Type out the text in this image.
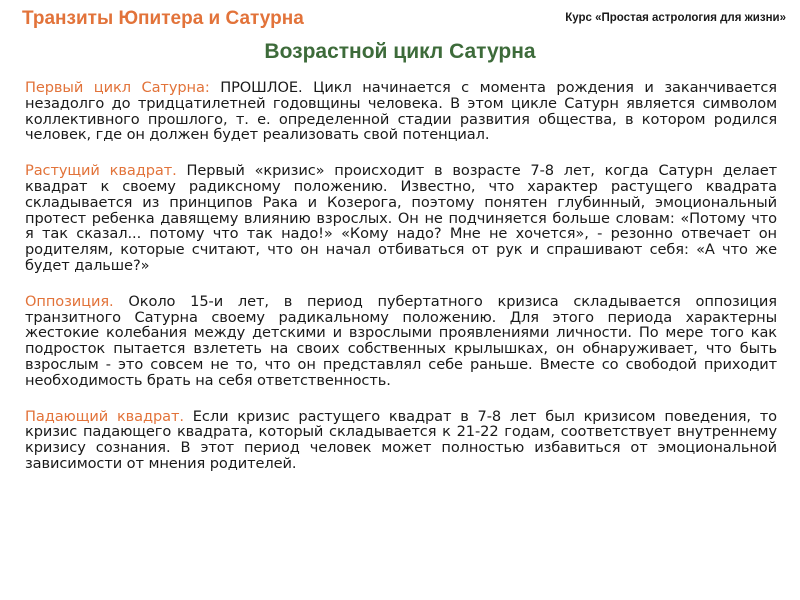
Транзиты Юпитера и Сатурна	Курс «Простая астрология для жизни»
Возрастной цикл Сатурна

Первый цикл Сатурна: ПРОШЛОЕ. Цикл начинается с момента рождения и заканчивается незадолго до тридцатилетней годовщины человека. В этом цикле Сатурн является символом коллективного прошлого, т. е. определенной стадии развития общества, в котором родился человек, где он должен будет реализовать свой потенциал.

Растущий квадрат. Первый «кризис» происходит в возрасте 7-8 лет, когда Сатурн делает квадрат к своему радиксному положению. Известно, что характер растущего квадрата складывается из принципов Рака и Козерога, поэтому понятен глубинный, эмоциональный протест ребенка давящему влиянию взрослых. Он не подчиняется больше словам: «Потому что я так сказал... потому что так надо!» «Кому надо? Мне не хочется», - резонно отвечает он родителям, которые считают, что он начал отбиваться от рук и спрашивают себя: «А что же будет дальше?»

Оппозиция. Около 15-и лет, в период пубертатного кризиса складывается оппозиция транзитного Сатурна своему радикальному положению. Для этого периода характерны жестокие колебания между детскими и взрослыми проявлениями личности. По мере того как подросток пытается взлететь на своих собственных крылышках, он обнаруживает, что быть взрослым - это совсем не то, что он представлял себе раньше. Вместе со свободой приходит необходимость брать на себя ответственность.

Падающий квадрат. Если кризис растущего квадрат в 7-8 лет был кризисом поведения, то кризис падающего квадрата, который складывается к 21-22 годам, соответствует внутреннему кризису сознания. В этот период человек может полностью избавиться от эмоциональной зависимости от мнения родителей.
